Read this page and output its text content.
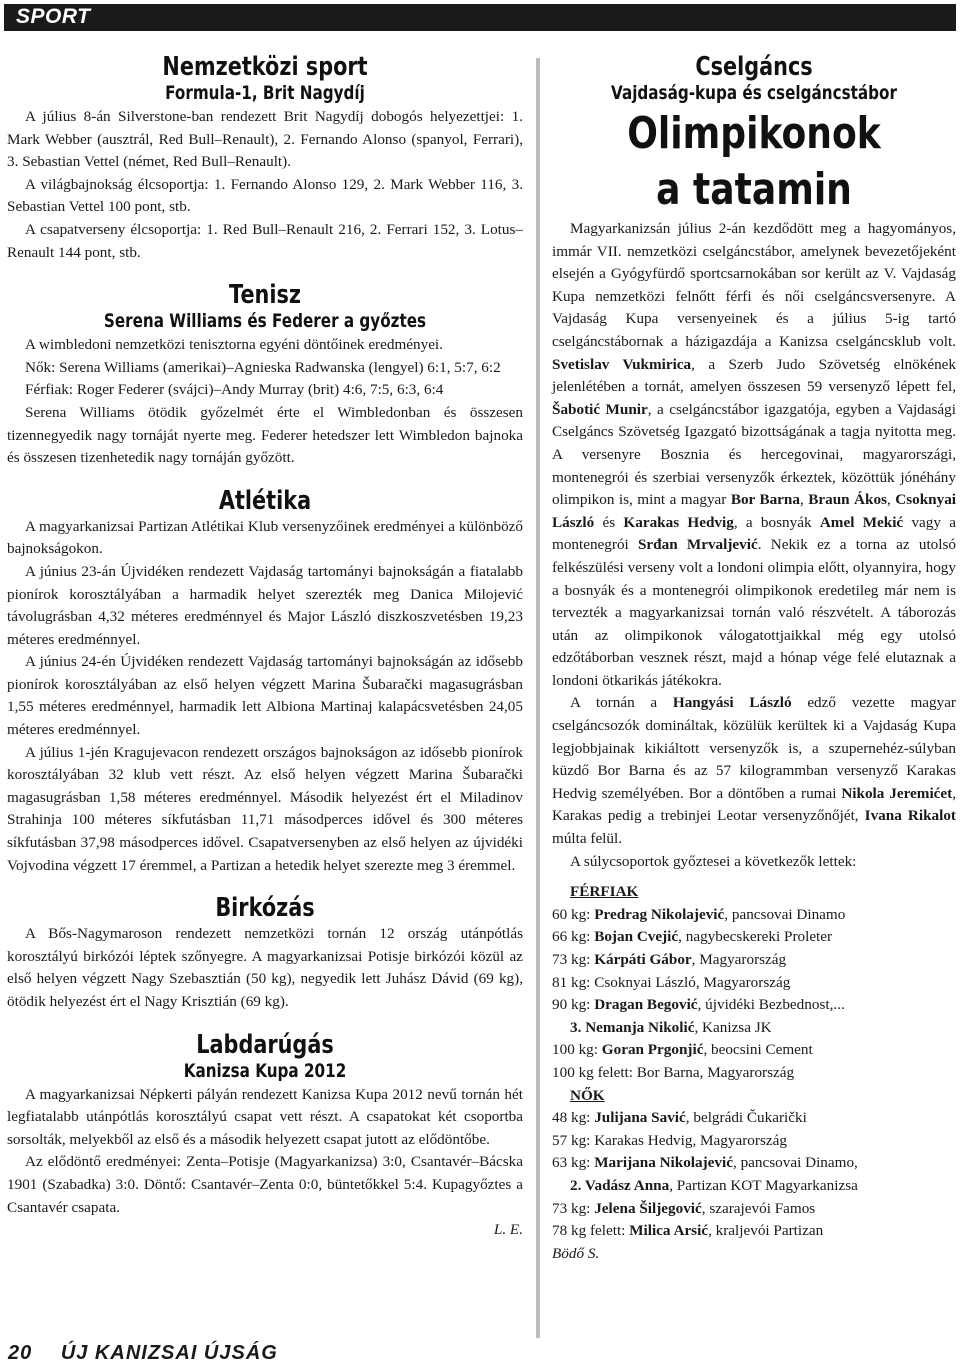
SPORT
Nemzetközi sport
Formula-1, Brit Nagydíj

A július 8-án Silverstone-ban rendezett Brit Nagydíj dobogós helyezettjei: 1. Mark Webber (ausztrál, Red Bull–Renault), 2. Fernando Alonso (spanyol, Ferrari), 3. Sebastian Vettel (német, Red Bull–Renault).

A világbajnokság élcsoportja: 1. Fernando Alonso 129, 2. Mark Webber 116, 3. Sebastian Vettel 100 pont, stb.

A csapatverseny élcsoportja: 1. Red Bull–Renault 216, 2. Ferrari 152, 3. Lotus–Renault 144 pont, stb.

Tenisz
Serena Williams és Federer a győztes

A wimbledoni nemzetközi tenisztorna egyéni döntőinek eredményei.

Nők: Serena Williams (amerikai)–Agnieska Radwanska (lengyel) 6:1, 5:7, 6:2

Férfiak: Roger Federer (svájci)–Andy Murray (brit) 4:6, 7:5, 6:3, 6:4

Serena Williams ötödik győzelmét érte el Wimbledonban és összesen tizennegyedik nagy tornáját nyerte meg. Federer hetedszer lett Wimbledon bajnoka és összesen tizenhetedik nagy tornáján győzött.

Atlétika

A magyarkanizsai Partizan Atlétikai Klub versenyzőinek eredményei a különböző bajnokságokon.

A június 23-án Újvidéken rendezett Vajdaság tartományi bajnokságán a fiatalabb pionírok korosztályában a harmadik helyet szerezték meg Danica Milojević távolugrásban 4,32 méteres eredménnyel és Major László diszkoszvetésben 19,23 méteres eredménnyel.

A június 24-én Újvidéken rendezett Vajdaság tartományi bajnokságán az idősebb pionírok korosztályában az első helyen végzett Marina Šubarački magasugrásban 1,55 méteres eredménnyel, harmadik lett Albiona Martinaj kalapácsvetésben 24,05 méteres eredménnyel.

A július 1-jén Kragujevacon rendezett országos bajnokságon az idősebb pionírok korosztályában 32 klub vett részt. Az első helyen végzett Marina Šubarački magasugrásban 1,58 méteres eredménnyel. Második helyezést ért el Miladinov Strahinja 100 méteres síkfutásban 11,71 másodperces idővel és 300 méteres síkfutásban 37,98 másodperces idővel. Csapatversenyben az első helyen az újvidéki Vojvodina végzett 17 éremmel, a Partizan a hetedik helyet szerezte meg 3 éremmel.

Birkózás

A Bős-Nagymaroson rendezett nemzetközi tornán 12 ország utánpótlás korosztályú birkózói léptek szőnyegre. A magyarkanizsai Potisje birkózói közül az első helyen végzett Nagy Szebasztián (50 kg), negyedik lett Juhász Dávid (69 kg), ötödik helyezést ért el Nagy Krisztián (69 kg).

Labdarúgás
Kanizsa Kupa 2012

A magyarkanizsai Népkerti pályán rendezett Kanizsa Kupa 2012 nevű tornán hét legfiatalabb utánpótlás korosztályú csapat vett részt. A csapatokat két csoportba sorsolták, melyekből az első és a második helyezett csapat jutott az elődöntőbe.

Az elődöntő eredményei: Zenta–Potisje (Magyarkanizsa) 3:0, Csantavér–Bácska 1901 (Szabadka) 3:0. Döntő: Csantavér–Zenta 0:0, büntetőkkel 5:4. Kupagyőztes a Csantavér csapata.

L. E.

Cselgáncs
Vajdaság-kupa és cselgáncstábor
Olimpikonok
a tatamin

Magyarkanizsán július 2-án kezdődött meg a hagyományos, immár VII. nemzetközi cselgáncstábor, amelynek bevezetőjeként elsején a Gyógyfürdő sportcsarnokában sor került az V. Vajdaság Kupa nemzetközi felnőtt férfi és női cselgáncsversenyre. A Vajdaság Kupa versenyeinek és a július 5-ig tartó cselgáncstábornak a házigazdája a Kanizsa cselgáncsklub volt. Svetislav Vukmirica, a Szerb Judo Szövetség elnökének jelenlétében a tornát, amelyen összesen 59 versenyző lépett fel, Šabotić Munir, a cselgáncstábor igazgatója, egyben a Vajdasági Cselgáncs Szövetség Igazgató bizottságának a tagja nyitotta meg. A versenyre Bosznia és hercegovinai, magyarországi, montenegrói és szerbiai versenyzők érkeztek, közöttük jónéhány olimpikon is, mint a magyar Bor Barna, Braun Ákos, Csoknyai László és Karakas Hedvig, a bosnyák Amel Mekić vagy a montenegrói Srđan Mrvaljević. Nekik ez a torna az utolsó felkészülési verseny volt a londoni olimpia előtt, olyannyira, hogy a bosnyák és a montenegrói olimpikonok eredetileg már nem is tervezték a magyarkanizsai tornán való részvételt. A táborozás után az olimpikonok válogatottjaikkal még egy utolsó edzőtáborban vesznek részt, majd a hónap vége felé elutaznak a londoni ötkarikás játékokra.

A tornán a Hangyási László edző vezette magyar cselgáncsozók domináltak, közülük kerültek ki a Vajdaság Kupa legjobbjainak kikiáltott versenyzők is, a szupernehéz-súlyban küzdő Bor Barna és az 57 kilogrammban versenyző Karakas Hedvig személyében. Bor a döntőben a rumai Nikola Jeremićet, Karakas pedig a trebinjei Leotar versenyzőnőjét, Ivana Rikalot múlta felül.

A súlycsoportok győztesei a következők lettek:

FÉRFIAK

60 kg: Predrag Nikolajević, pancsovai Dinamo

66 kg: Bojan Cvejić, nagybecskereki Proleter

73 kg: Kárpáti Gábor, Magyarország

81 kg: Csoknyai László, Magyarország

90 kg: Dragan Begović, újvidéki Bezbednost,...

3. Nemanja Nikolić, Kanizsa JK

100 kg: Goran Prgonjić, beocsini Cement

100 kg felett: Bor Barna, Magyarország

NŐK

48 kg: Julijana Savić, belgrádi Čukarički

57 kg: Karakas Hedvig, Magyarország

63 kg: Marijana Nikolajević, pancsovai Dinamo,

2. Vadász Anna, Partizan KOT Magyarkanizsa

73 kg: Jelena Šiljegović, szarajevói Famos

78 kg felett: Milica Arsić, kraljevói Partizan

Bödő S.

20 ÚJ KANIZSAI ÚJSÁG
